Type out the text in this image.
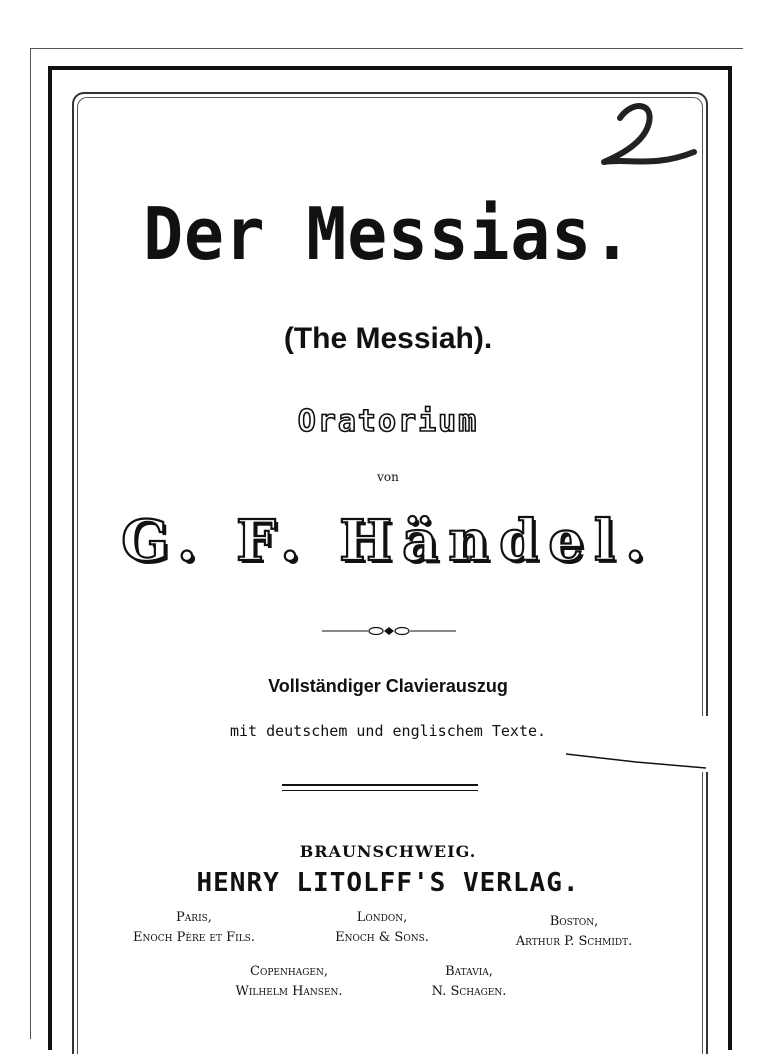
Der Messias.
(The Messiah).
Oratorium
von
G. F. Händel.
Vollständiger Clavierauszug
mit deutschem und englischem Texte.
BRAUNSCHWEIG.
HENRY LITOLFF'S VERLAG.
Paris,
Enoch Père et Fils.
London,
Enoch & Sons.
Boston,
Arthur P. Schmidt.
Copenhagen,
Wilhelm Hansen.
Batavia,
N. Schagen.
